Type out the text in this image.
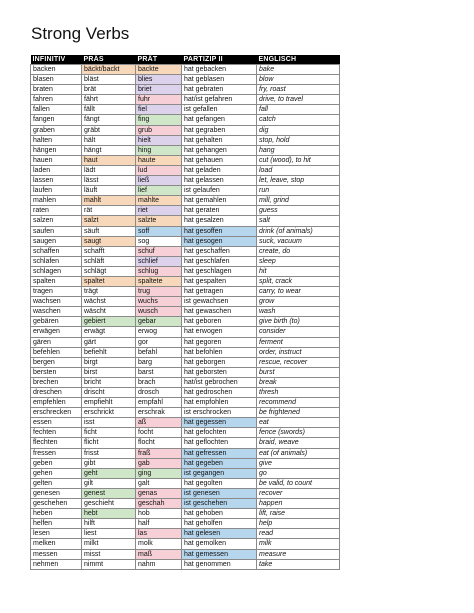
Strong Verbs
INFINITIV	PRÄS	PRÄT	PARTIZIP II	ENGLISCH
backen	bäckt/backt	backte	hat gebacken	bake
blasen	bläst	blies	hat geblasen	blow
braten	brät	briet	hat gebraten	fry, roast
fahren	fährt	fuhr	hat/ist gefahren	drive, to travel
fallen	fällt	fiel	ist gefallen	fall
fangen	fängt	fing	hat gefangen	catch
graben	gräbt	grub	hat gegraben	dig
halten	hält	hielt	hat gehalten	stop, hold
hängen	hängt	hing	hat gehangen	hang
hauen	haut	haute	hat gehauen	cut (wood), to hit
laden	lädt	lud	hat geladen	load
lassen	lässt	ließ	hat gelassen	let, leave, stop
laufen	läuft	lief	ist gelaufen	run
mahlen	mahlt	mahlte	hat gemahlen	mill, grind
raten	rät	riet	hat geraten	guess
salzen	salzt	salzte	hat gesalzen	salt
saufen	säuft	soff	hat gesoffen	drink (of animals)
saugen	saugt	sog	hat gesogen	suck, vacuum
schaffen	schafft	schuf	hat geschaffen	create, do
schlafen	schläft	schlief	hat geschlafen	sleep
schlagen	schlägt	schlug	hat geschlagen	hit
spalten	spaltet	spaltete	hat gespalten	split, crack
tragen	trägt	trug	hat getragen	carry, to wear
wachsen	wächst	wuchs	ist gewachsen	grow
waschen	wäscht	wusch	hat gewaschen	wash
gebären	gebiert	gebar	hat geboren	give birth (to)
erwägen	erwägt	erwog	hat erwogen	consider
gären	gärt	gor	hat gegoren	ferment
befehlen	befiehlt	befahl	hat befohlen	order, instruct
bergen	birgt	barg	hat geborgen	rescue, recover
bersten	birst	barst	hat geborsten	burst
brechen	bricht	brach	hat/ist gebrochen	break
dreschen	drischt	drosch	hat gedroschen	thresh
empfehlen	empfiehlt	empfahl	hat empfohlen	recommend
erschrecken	erschrickt	erschrak	ist erschrocken	be frightened
essen	isst	aß	hat gegessen	eat
fechten	ficht	focht	hat gefochten	fence (swords)
flechten	flicht	flocht	hat geflochten	braid, weave
fressen	frisst	fraß	hat gefressen	eat (of animals)
geben	gibt	gab	hat gegeben	give
gehen	geht	ging	ist gegangen	go
gelten	gilt	galt	hat gegolten	be valid, to count
genesen	genest	genas	ist genesen	recover
geschehen	geschieht	geschah	ist geschehen	happen
heben	hebt	hob	hat gehoben	lift, raise
helfen	hilft	half	hat geholfen	help
lesen	liest	las	hat gelesen	read
melken	milkt	molk	hat gemolken	milk
messen	misst	maß	hat gemessen	measure
nehmen	nimmt	nahm	hat genommen	take
